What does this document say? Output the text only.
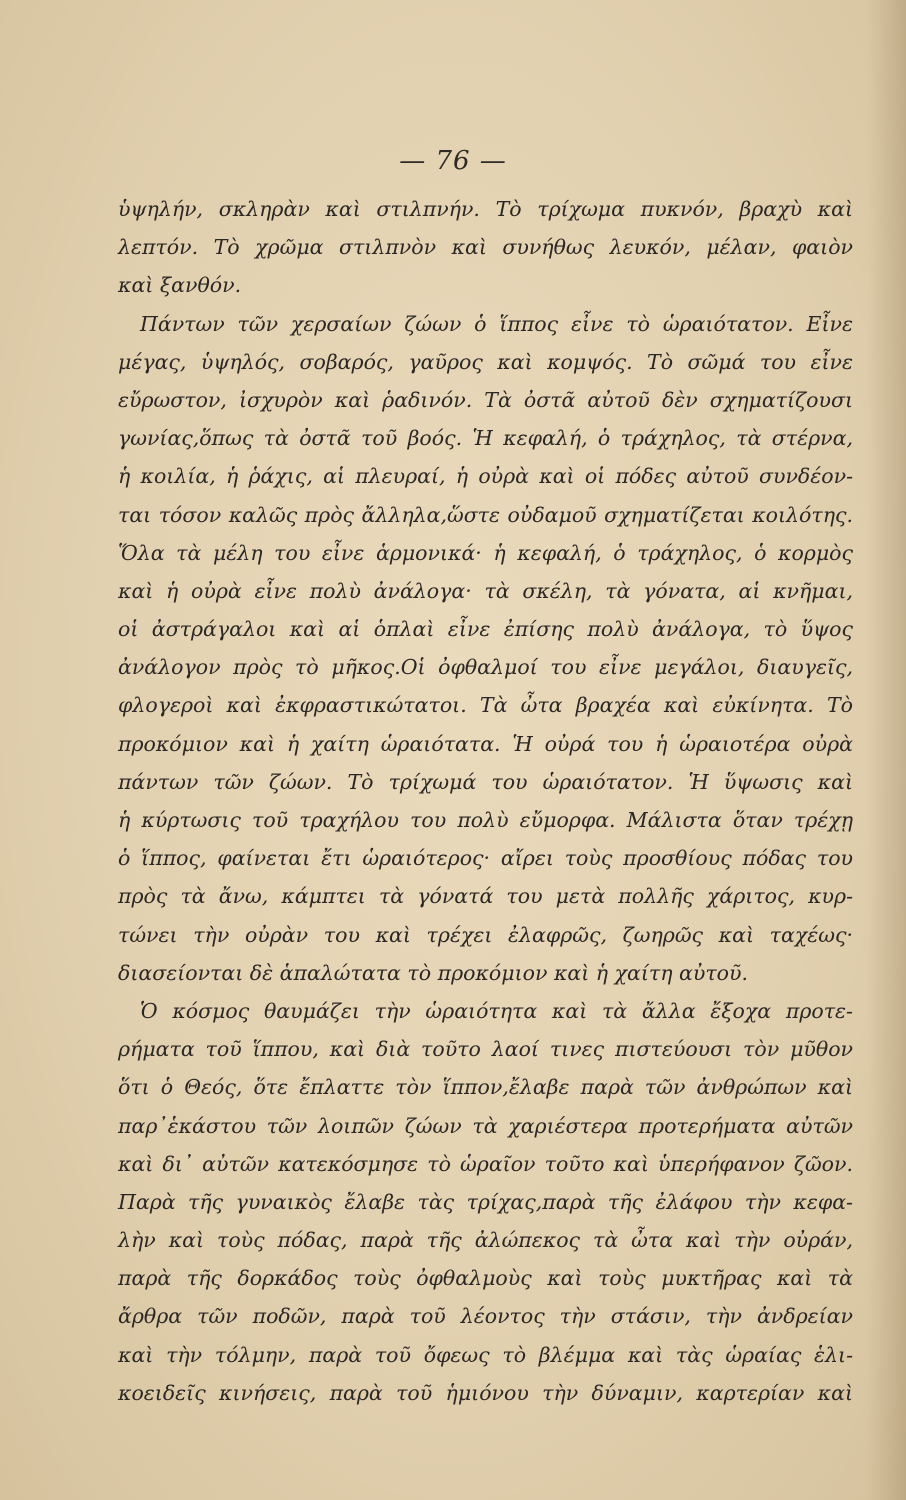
— 76 —
ὑψηλήν, σκληρὰν καὶ στιλπνήν. Τὸ τρίχωμα πυκνόν, βραχὺ καὶ
λεπτόν. Τὸ χρῶμα στιλπνὸν καὶ συνήθως λευκόν, μέλαν, φαιὸν
καὶ ξανθόν.
Πάντων τῶν χερσαίων ζώων ὁ ἵππος εἶνε τὸ ὡραιότατον. Εἶνε
μέγας, ὑψηλός, σοβαρός, γαῦρος καὶ κομψός. Τὸ σῶμά του εἶνε
εὔρωστον, ἰσχυρὸν καὶ ῥαδινόν. Τὰ ὀστᾶ αὐτοῦ δὲν σχηματίζουσι
γωνίας,ὅπως τὰ ὀστᾶ τοῦ βοός. Ἡ κεφαλή, ὁ τράχηλος, τὰ στέρνα,
ἡ κοιλία, ἡ ῥάχις, αἱ πλευραί, ἡ οὐρὰ καὶ οἱ πόδες αὐτοῦ συνδέον-
ται τόσον καλῶς πρὸς ἄλληλα,ὥστε οὐδαμοῦ σχηματίζεται κοιλότης.
Ὅλα τὰ μέλη του εἶνε ἁρμονικά· ἡ κεφαλή, ὁ τράχηλος, ὁ κορμὸς
καὶ ἡ οὐρὰ εἶνε πολὺ ἀνάλογα· τὰ σκέλη, τὰ γόνατα, αἱ κνῆμαι,
οἱ ἀστράγαλοι καὶ αἱ ὁπλαὶ εἶνε ἐπίσης πολὺ ἀνάλογα, τὸ ὕψος
ἀνάλογον πρὸς τὸ μῆκος.Οἱ ὀφθαλμοί του εἶνε μεγάλοι, διαυγεῖς,
φλογεροὶ καὶ ἐκφραστικώτατοι. Τὰ ὦτα βραχέα καὶ εὐκίνητα. Τὸ
προκόμιον καὶ ἡ χαίτη ὡραιότατα. Ἡ οὐρά του ἡ ὡραιοτέρα οὐρὰ
πάντων τῶν ζώων. Τὸ τρίχωμά του ὡραιότατον. Ἡ ὕψωσις καὶ
ἡ κύρτωσις τοῦ τραχήλου του πολὺ εὔμορφα. Μάλιστα ὅταν τρέχῃ
ὁ ἵππος, φαίνεται ἔτι ὡραιότερος· αἴρει τοὺς προσθίους πόδας του
πρὸς τὰ ἄνω, κάμπτει τὰ γόνατά του μετὰ πολλῆς χάριτος, κυρ-
τώνει τὴν οὐρὰν του καὶ τρέχει ἐλαφρῶς, ζωηρῶς καὶ ταχέως·
διασείονται δὲ ἁπαλώτατα τὸ προκόμιον καὶ ἡ χαίτη αὐτοῦ.
Ὁ κόσμος θαυμάζει τὴν ὡραιότητα καὶ τὰ ἄλλα ἔξοχα προτε-
ρήματα τοῦ ἵππου, καὶ διὰ τοῦτο λαοί τινες πιστεύουσι τὸν μῦθον
ὅτι ὁ Θεός, ὅτε ἔπλαττε τὸν ἵππον,ἔλαβε παρὰ τῶν ἀνθρώπων καὶ
παρ᾽ἑκάστου τῶν λοιπῶν ζώων τὰ χαριέστερα προτερήματα αὐτῶν
καὶ δι᾽ αὐτῶν κατεκόσμησε τὸ ὡραῖον τοῦτο καὶ ὑπερήφανον ζῶον.
Παρὰ τῆς γυναικὸς ἔλαβε τὰς τρίχας,παρὰ τῆς ἐλάφου τὴν κεφα-
λὴν καὶ τοὺς πόδας, παρὰ τῆς ἀλώπεκος τὰ ὦτα καὶ τὴν οὐράν,
παρὰ τῆς δορκάδος τοὺς ὀφθαλμοὺς καὶ τοὺς μυκτῆρας καὶ τὰ
ἄρθρα τῶν ποδῶν, παρὰ τοῦ λέοντος τὴν στάσιν, τὴν ἀνδρείαν
καὶ τὴν τόλμην, παρὰ τοῦ ὄφεως τὸ βλέμμα καὶ τὰς ὡραίας ἑλι-
κοειδεῖς κινήσεις, παρὰ τοῦ ἡμιόνου τὴν δύναμιν, καρτερίαν καὶ
